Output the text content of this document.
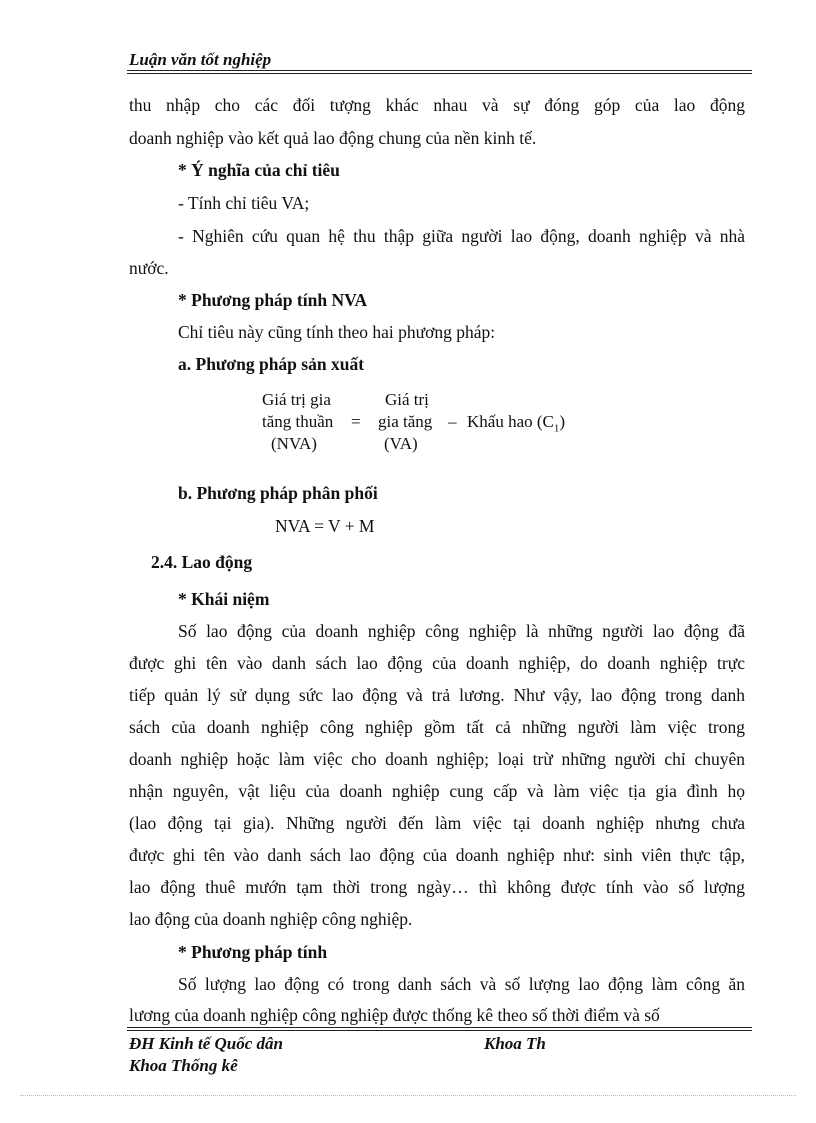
Luận văn tốt nghiệp
thu nhập cho các đối tượng khác nhau và sự đóng góp của lao động
doanh nghiệp vào kết quả lao động chung của nền kinh tế.
* Ý nghĩa của chỉ tiêu
- Tính chỉ tiêu VA;
- Nghiên cứu quan hệ thu thập giữa người lao động, doanh nghiệp và nhà
nước.
* Phương pháp tính NVA
Chỉ tiêu này cũng tính theo hai phương pháp:
a. Phương pháp sản xuất
Giá trị gia
tăng thuần
(NVA)
=
Giá trị
gia tăng
(VA)
– Khấu hao $(C_1)$
b. Phương pháp phân phối
NVA = V + M
2.4. Lao động
* Khái niệm
Số lao động của doanh nghiệp công nghiệp là những người lao động đã
được ghi tên vào danh sách lao động của doanh nghiệp, do doanh nghiệp trực
tiếp quản lý sử dụng sức lao động và trả lương. Như vậy, lao động trong danh
sách của doanh nghiệp công nghiệp gồm tất cả những người làm việc trong
doanh nghiệp hoặc làm việc cho doanh nghiệp; loại trừ những người chỉ chuyên
nhận nguyên, vật liệu của doanh nghiệp cung cấp và làm việc tịa gia đình họ
(lao động tại gia). Những người đến làm việc tại doanh nghiệp nhưng chưa
được ghi tên vào danh sách lao động của doanh nghiệp như: sinh viên thực tập,
lao động thuê mướn tạm thời trong ngày… thì không được tính vào số lượng
lao động của doanh nghiệp công nghiệp.
* Phương pháp tính
Số lượng lao động có trong danh sách và số lượng lao động làm công ăn
lương của doanh nghiệp công nghiệp được thống kê theo số thời điểm và số
ĐH Kinh tế Quốc dân	Khoa Th
Khoa Thống kê
